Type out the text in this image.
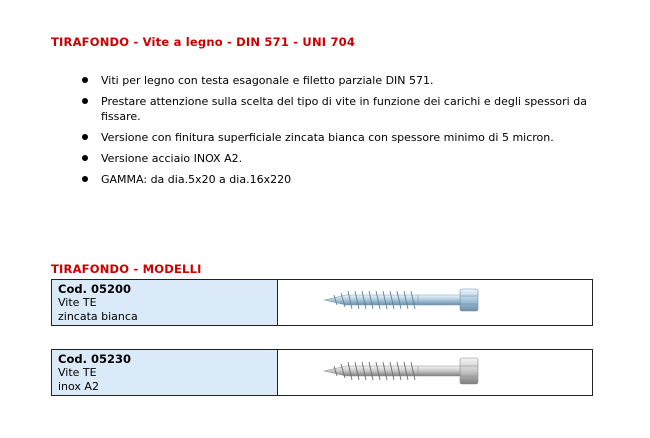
TIRAFONDO - Vite a legno - DIN 571 - UNI 704
Viti per legno con testa esagonale e filetto parziale DIN 571.
Prestare attenzione sulla scelta del tipo di vite in funzione dei carichi e degli spessori da fissare.
Versione con finitura superficiale zincata bianca con spessore minimo di 5 micron.
Versione acciaio INOX A2.
GAMMA: da dia.5x20 a dia.16x220
TIRAFONDO - MODELLI
Cod. 05200
Vite TE
zincata bianca
Cod. 05230
Vite TE
inox A2
